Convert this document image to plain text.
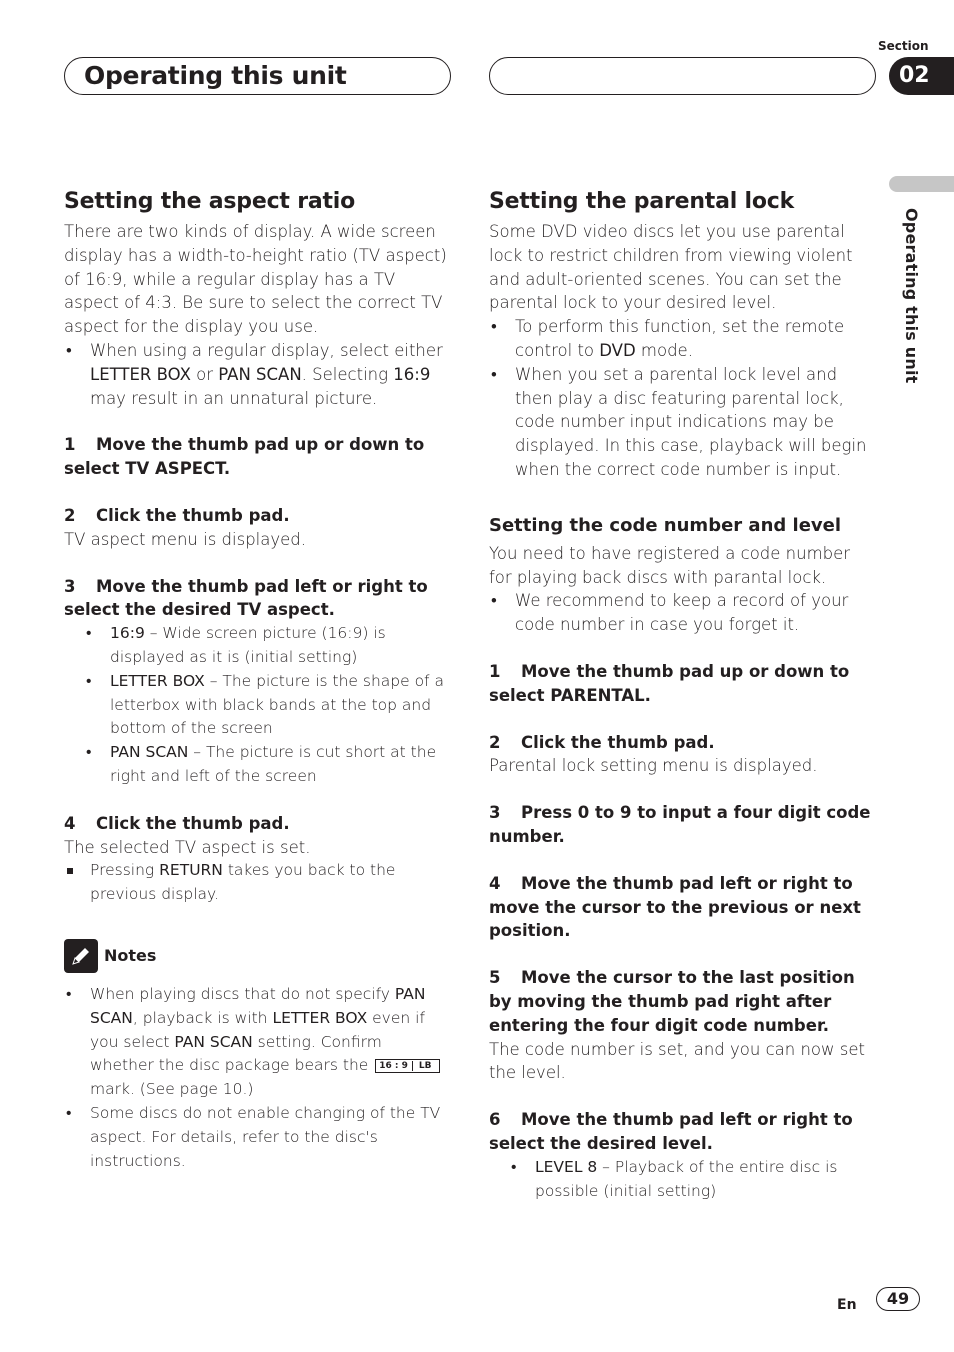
Operating this unit
Section
02
Operating this unit
Setting the aspect ratio

There are two kinds of display. A wide screen display has a width-to-height ratio (TV aspect) of 16:9, while a regular display has a TV aspect of 4:3. Be sure to select the correct TV aspect for the display you use.

• When using a regular display, select either LETTER BOX or PAN SCAN. Selecting 16:9 may result in an unnatural picture.

1 Move the thumb pad up or down to select TV ASPECT.

2 Click the thumb pad.

TV aspect menu is displayed.

3 Move the thumb pad left or right to select the desired TV aspect.

• 16:9 – Wide screen picture (16:9) is displayed as it is (initial setting)

• LETTER BOX – The picture is the shape of a letterbox with black bands at the top and bottom of the screen

• PAN SCAN – The picture is cut short at the right and left of the screen

4 Click the thumb pad.

The selected TV aspect is set.

Pressing RETURN takes you back to the previous display.

Notes

• When playing discs that do not specify PAN SCAN, playback is with LETTER BOX even if you select PAN SCAN setting. Confirm whether the disc package bears the 16 : 9 LB mark. (See page 10.)

• Some discs do not enable changing of the TV aspect. For details, refer to the disc's instructions.

Setting the parental lock

Some DVD video discs let you use parental lock to restrict children from viewing violent and adult-oriented scenes. You can set the parental lock to your desired level.

• To perform this function, set the remote control to DVD mode.

• When you set a parental lock level and then play a disc featuring parental lock, code number input indications may be displayed. In this case, playback will begin when the correct code number is input.

Setting the code number and level

You need to have registered a code number for playing back discs with parantal lock.

• We recommend to keep a record of your code number in case you forget it.

1 Move the thumb pad up or down to select PARENTAL.

2 Click the thumb pad.

Parental lock setting menu is displayed.

3 Press 0 to 9 to input a four digit code number.

4 Move the thumb pad left or right to move the cursor to the previous or next position.

5 Move the cursor to the last position by moving the thumb pad right after entering the four digit code number.

The code number is set, and you can now set the level.

6 Move the thumb pad left or right to select the desired level.

• LEVEL 8 – Playback of the entire disc is possible (initial setting)

En	49
